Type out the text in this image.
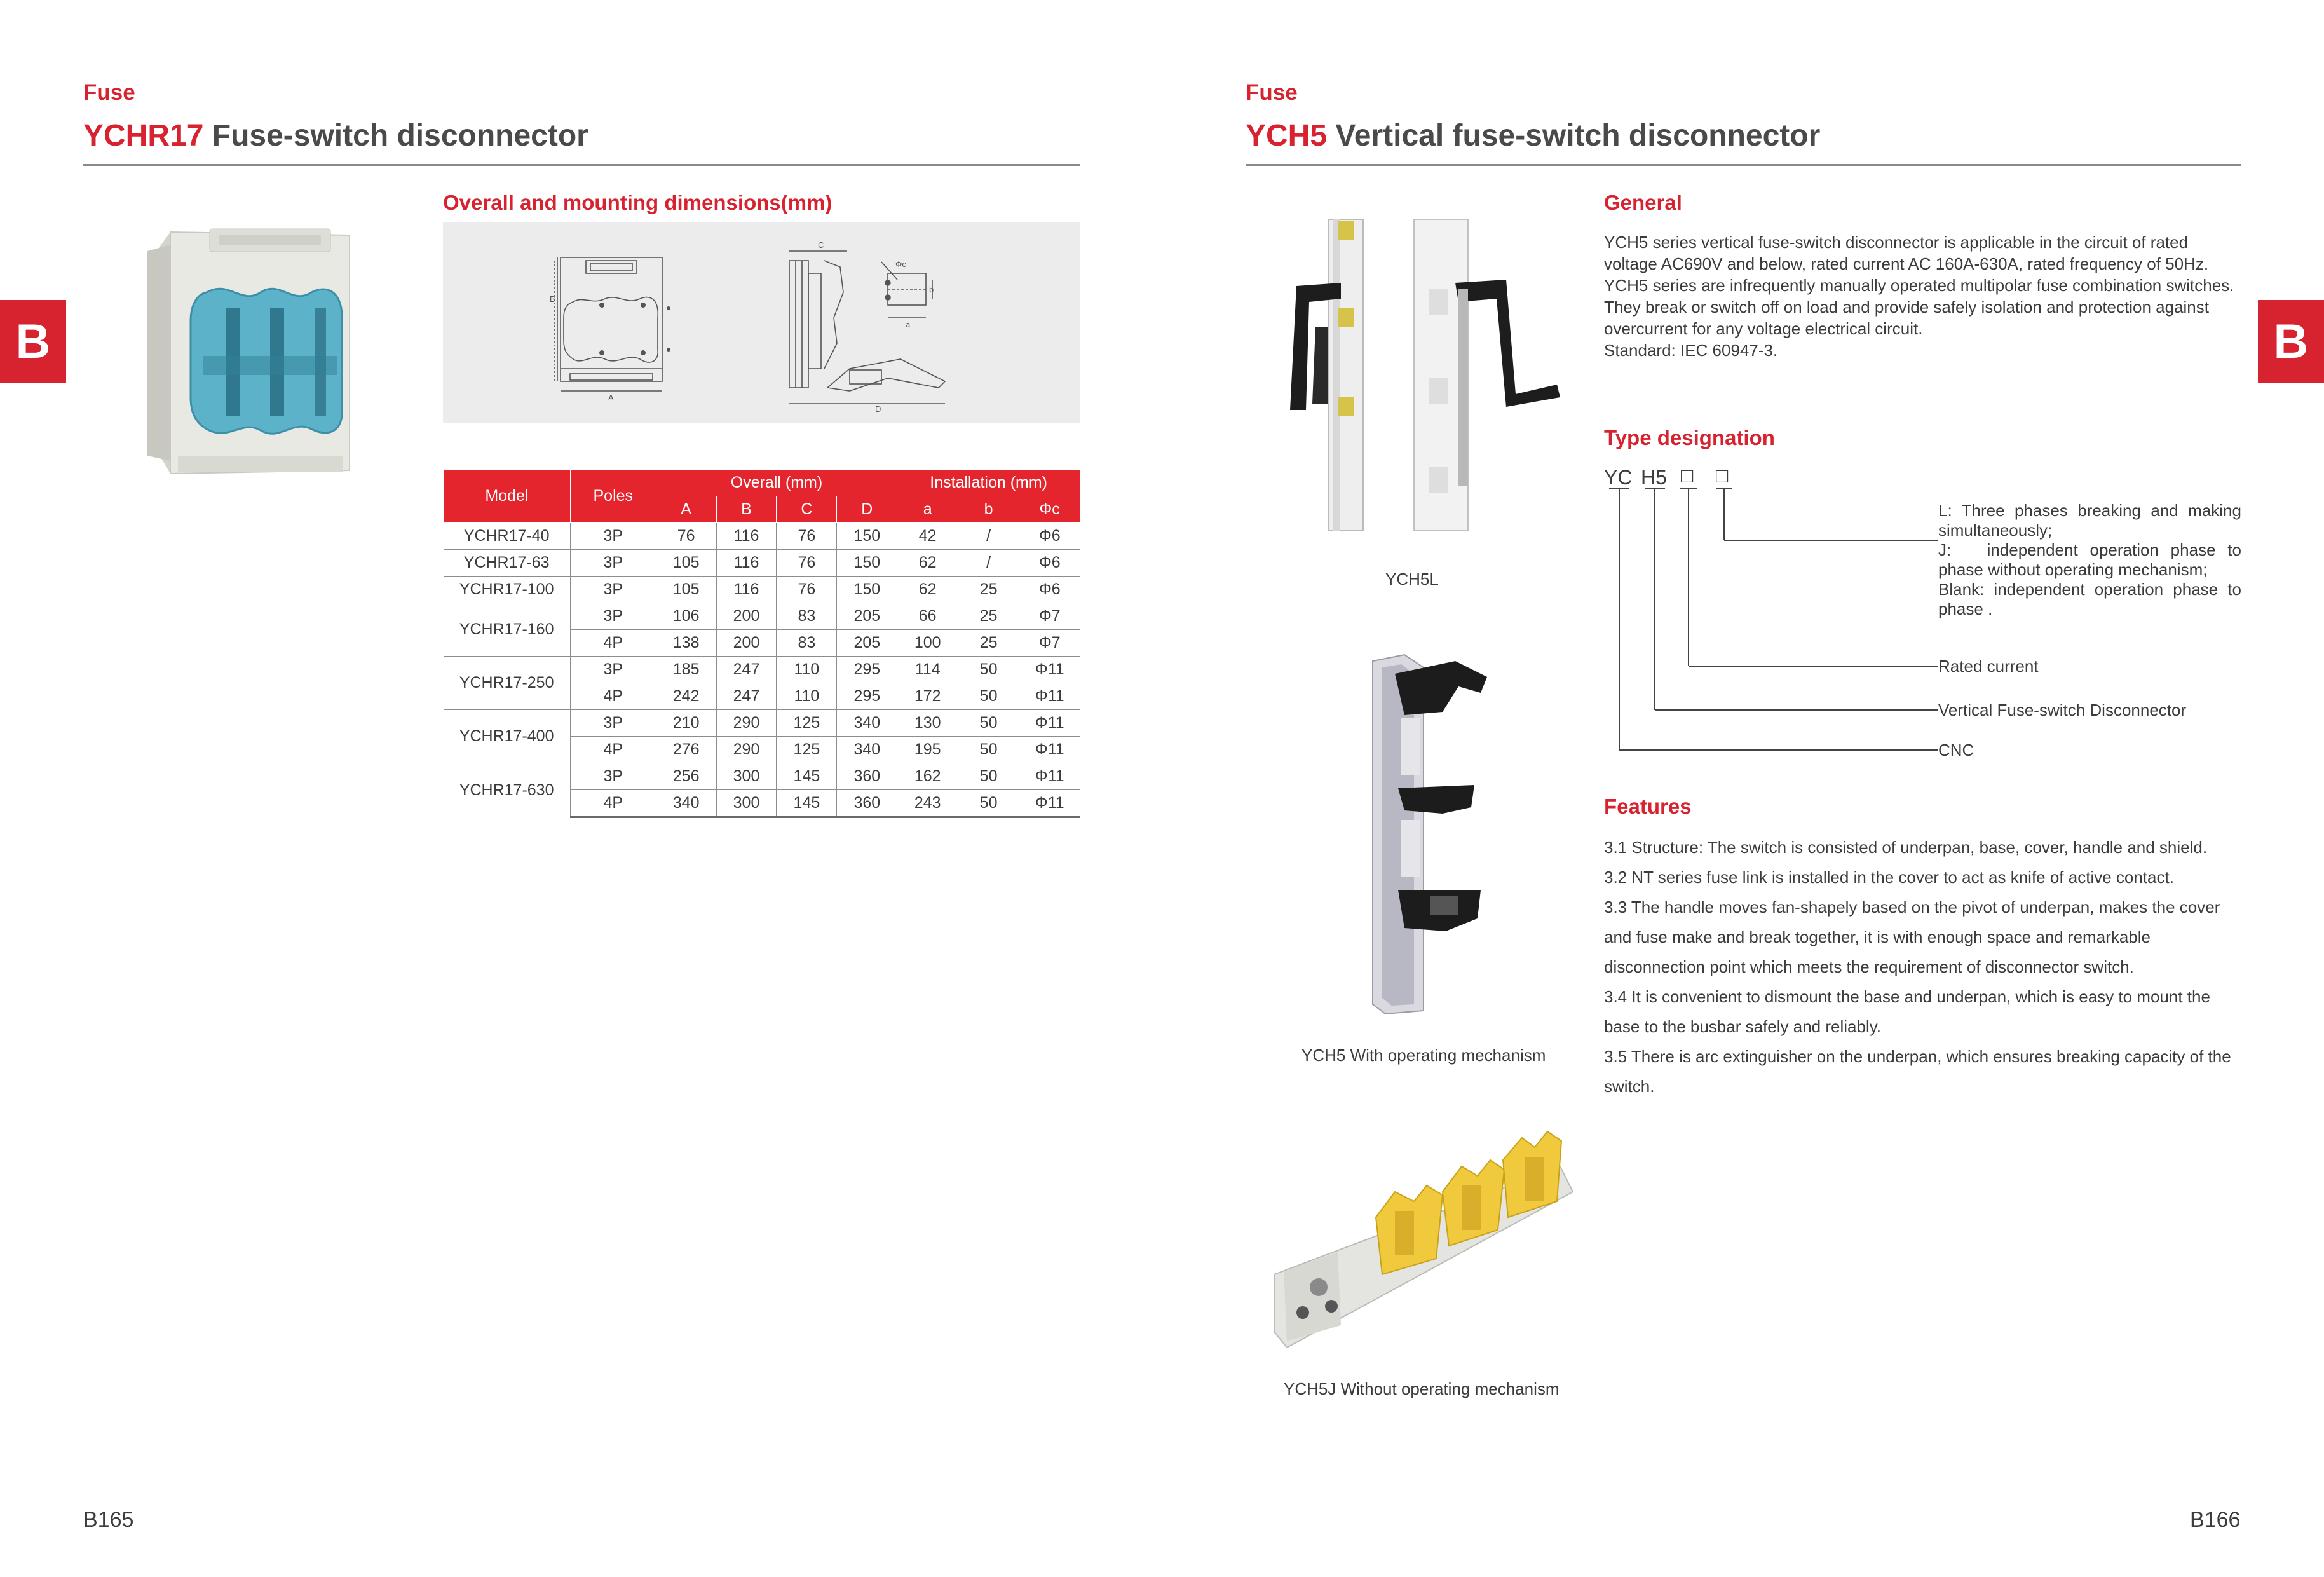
Fuse
YCHR17 Fuse-switch disconnector
B
Overall and mounting dimensions(mm)
C
B
A
Φc
b
a
D
Model	Poles	Overall (mm)				Installation (mm)		
		A	B	C	D	a	b	Φc
YCHR17-40	3P	76	116	76	150	42	/	Φ6
YCHR17-63	3P	105	116	76	150	62	/	Φ6
YCHR17-100	3P	105	116	76	150	62	25	Φ6
YCHR17-160	3P	106	200	83	205	66	25	Φ7
	4P	138	200	83	205	100	25	Φ7
YCHR17-250	3P	185	247	110	295	114	50	Φ11
	4P	242	247	110	295	172	50	Φ11
YCHR17-400	3P	210	290	125	340	130	50	Φ11
	4P	276	290	125	340	195	50	Φ11
YCHR17-630	3P	256	300	145	360	162	50	Φ11
	4P	340	300	145	360	243	50	Φ11
B165
Fuse
YCH5 Vertical fuse-switch disconnector
B
YCH5L
YCH5 With operating mechanism
YCH5J Without operating mechanism
General
YCH5 series vertical fuse-switch disconnector is applicable in the circuit of rated voltage AC690V and below, rated current AC 160A-630A, rated frequency of 50Hz.
YCH5 series are infrequently manually operated multipolar fuse combination switches.
They break or switch off on load and provide safely isolation and protection against overcurrent for any voltage electrical circuit.
Standard: IEC 60947-3.
Type designation
YC H5 □ □
L: Three phases breaking and making simultaneously;
J:   independent operation phase to phase without operating mechanism;
Blank: independent operation phase to phase .
Rated current
Vertical Fuse-switch Disconnector
CNC
Features
3.1 Structure: The switch is consisted of underpan, base, cover, handle and shield.
3.2 NT series fuse link is installed in the cover to act as knife of active contact.
3.3 The handle moves fan-shapely based on the pivot of underpan, makes the cover and fuse make and break together, it is with enough space and remarkable disconnection point which meets the requirement of disconnector switch.
3.4 It is convenient to dismount the base and underpan, which is easy to mount the base to the busbar safely and reliably.
3.5 There is arc extinguisher on the underpan, which ensures breaking capacity of the switch.
B166
